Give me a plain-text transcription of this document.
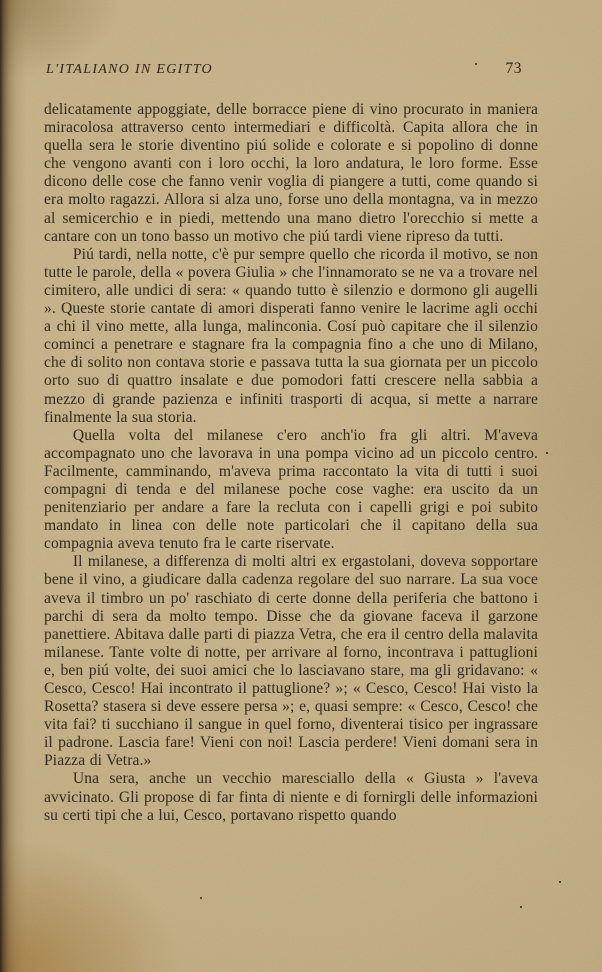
L'ITALIANO IN EGITTO	73

delicatamente appoggiate, delle borracce piene di vino procurato in maniera miracolosa attraverso cento intermediari e difficoltà. Capita allora che in quella sera le storie diventino piú solide e colorate e si popolino di donne che vengono avanti con i loro occhi, la loro andatura, le loro forme. Esse dicono delle cose che fanno venir voglia di piangere a tutti, come quando si era molto ragazzi. Allora si alza uno, forse uno della montagna, va in mezzo al semicerchio e in piedi, mettendo una mano dietro l'orecchio si mette a cantare con un tono basso un motivo che piú tardi viene ripreso da tutti.

Piú tardi, nella notte, c'è pur sempre quello che ricorda il motivo, se non tutte le parole, della « povera Giulia » che l'innamorato se ne va a trovare nel cimitero, alle undici di sera: « quando tutto è silenzio e dormono gli augelli ». Queste storie cantate di amori disperati fanno venire le lacrime agli occhi a chi il vino mette, alla lunga, malinconia. Cosí può capitare che il silenzio cominci a penetrare e stagnare fra la compagnia fino a che uno di Milano, che di solito non contava storie e passava tutta la sua giornata per un piccolo orto suo di quattro insalate e due pomodori fatti crescere nella sabbia a mezzo di grande pazienza e infiniti trasporti di acqua, si mette a narrare finalmente la sua storia.

Quella volta del milanese c'ero anch'io fra gli altri. M'aveva accompagnato uno che lavorava in una pompa vicino ad un piccolo centro. Facilmente, camminando, m'aveva prima raccontato la vita di tutti i suoi compagni di tenda e del milanese poche cose vaghe: era uscito da un penitenziario per andare a fare la recluta con i capelli grigi e poi subito mandato in linea con delle note particolari che il capitano della sua compagnia aveva tenuto fra le carte riservate.

Il milanese, a differenza di molti altri ex ergastolani, doveva sopportare bene il vino, a giudicare dalla cadenza regolare del suo narrare. La sua voce aveva il timbro un po' raschiato di certe donne della periferia che battono i parchi di sera da molto tempo. Disse che da giovane faceva il garzone panettiere. Abitava dalle parti di piazza Vetra, che era il centro della malavita milanese. Tante volte di notte, per arrivare al forno, incontrava i pattuglioni e, ben piú volte, dei suoi amici che lo lasciavano stare, ma gli gridavano: « Cesco, Cesco! Hai incontrato il pattuglione? »; « Cesco, Cesco! Hai visto la Rosetta? stasera si deve essere persa »; e, quasi sempre: « Cesco, Cesco! che vita fai? ti succhiano il sangue in quel forno, diventerai tisico per ingrassare il padrone. Lascia fare! Vieni con noi! Lascia perdere! Vieni domani sera in Piazza di Vetra.»

Una sera, anche un vecchio maresciallo della « Giusta » l'aveva avvicinato. Gli propose di far finta di niente e di fornirgli delle informazioni su certi tipi che a lui, Cesco, portavano rispetto quando
